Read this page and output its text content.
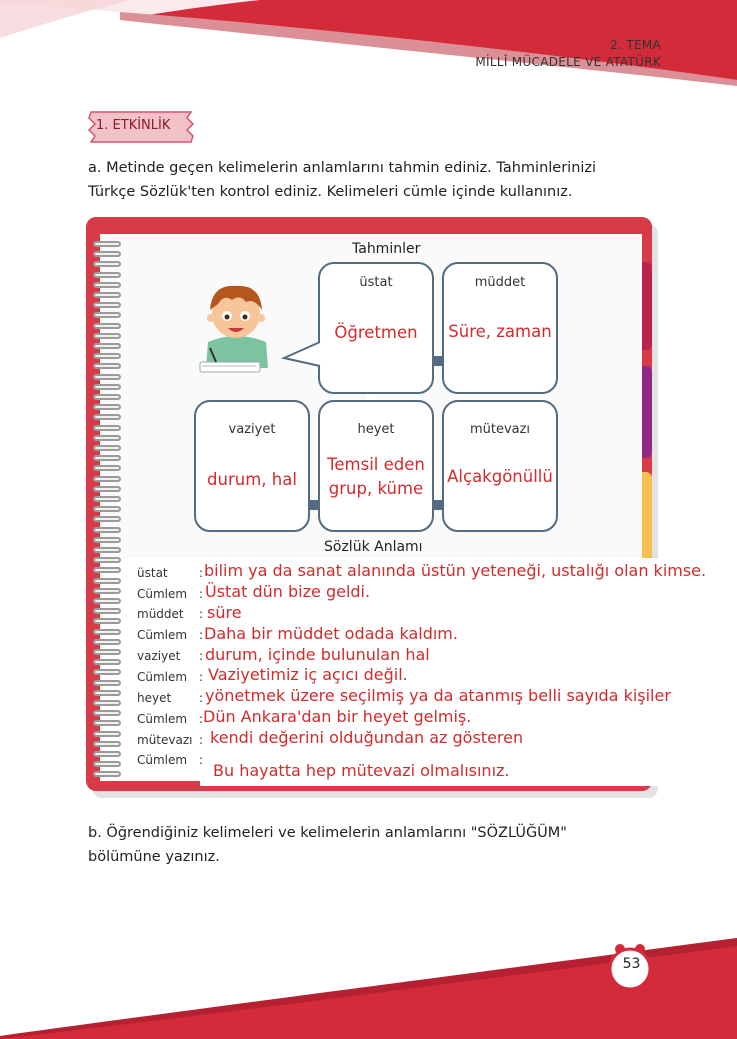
2. TEMA
MİLLÎ MÜCADELE VE ATATÜRK
1. ETKİNLİK
a. Metinde geçen kelimelerin anlamlarını tahmin ediniz. Tahminlerinizi
Türkçe Sözlük'ten kontrol ediniz. Kelimeleri cümle içinde kullanınız.
Tahminler
üstat
Öğretmen
müddet
Süre, zaman
vaziyet
durum, hal
heyet
Temsil eden
grup, küme
mütevazı
Alçakgönüllü
Sözlük Anlamı
üstat	: bilim ya da sanat alanında üstün yeteneği, ustalığı olan kimse.
Cümlem : Üstat dün bize geldi.
müddet : süre
Cümlem : Daha bir müddet odada kaldım.
vaziyet : durum, içinde bulunulan hal
Cümlem : Vaziyetimiz iç açıcı değil.
heyet : yönetmek üzere seçilmiş ya da atanmış belli sayıda kişiler
Cümlem : Dün Ankara'dan bir heyet gelmiş.
mütevazı : kendi değerini olduğundan az gösteren
Cümlem :
Bu hayatta hep mütevazi olmalısınız.
b. Öğrendiğiniz kelimeleri ve kelimelerin anlamlarını "SÖZLÜĞÜM"
bölümüne yazınız.
53
